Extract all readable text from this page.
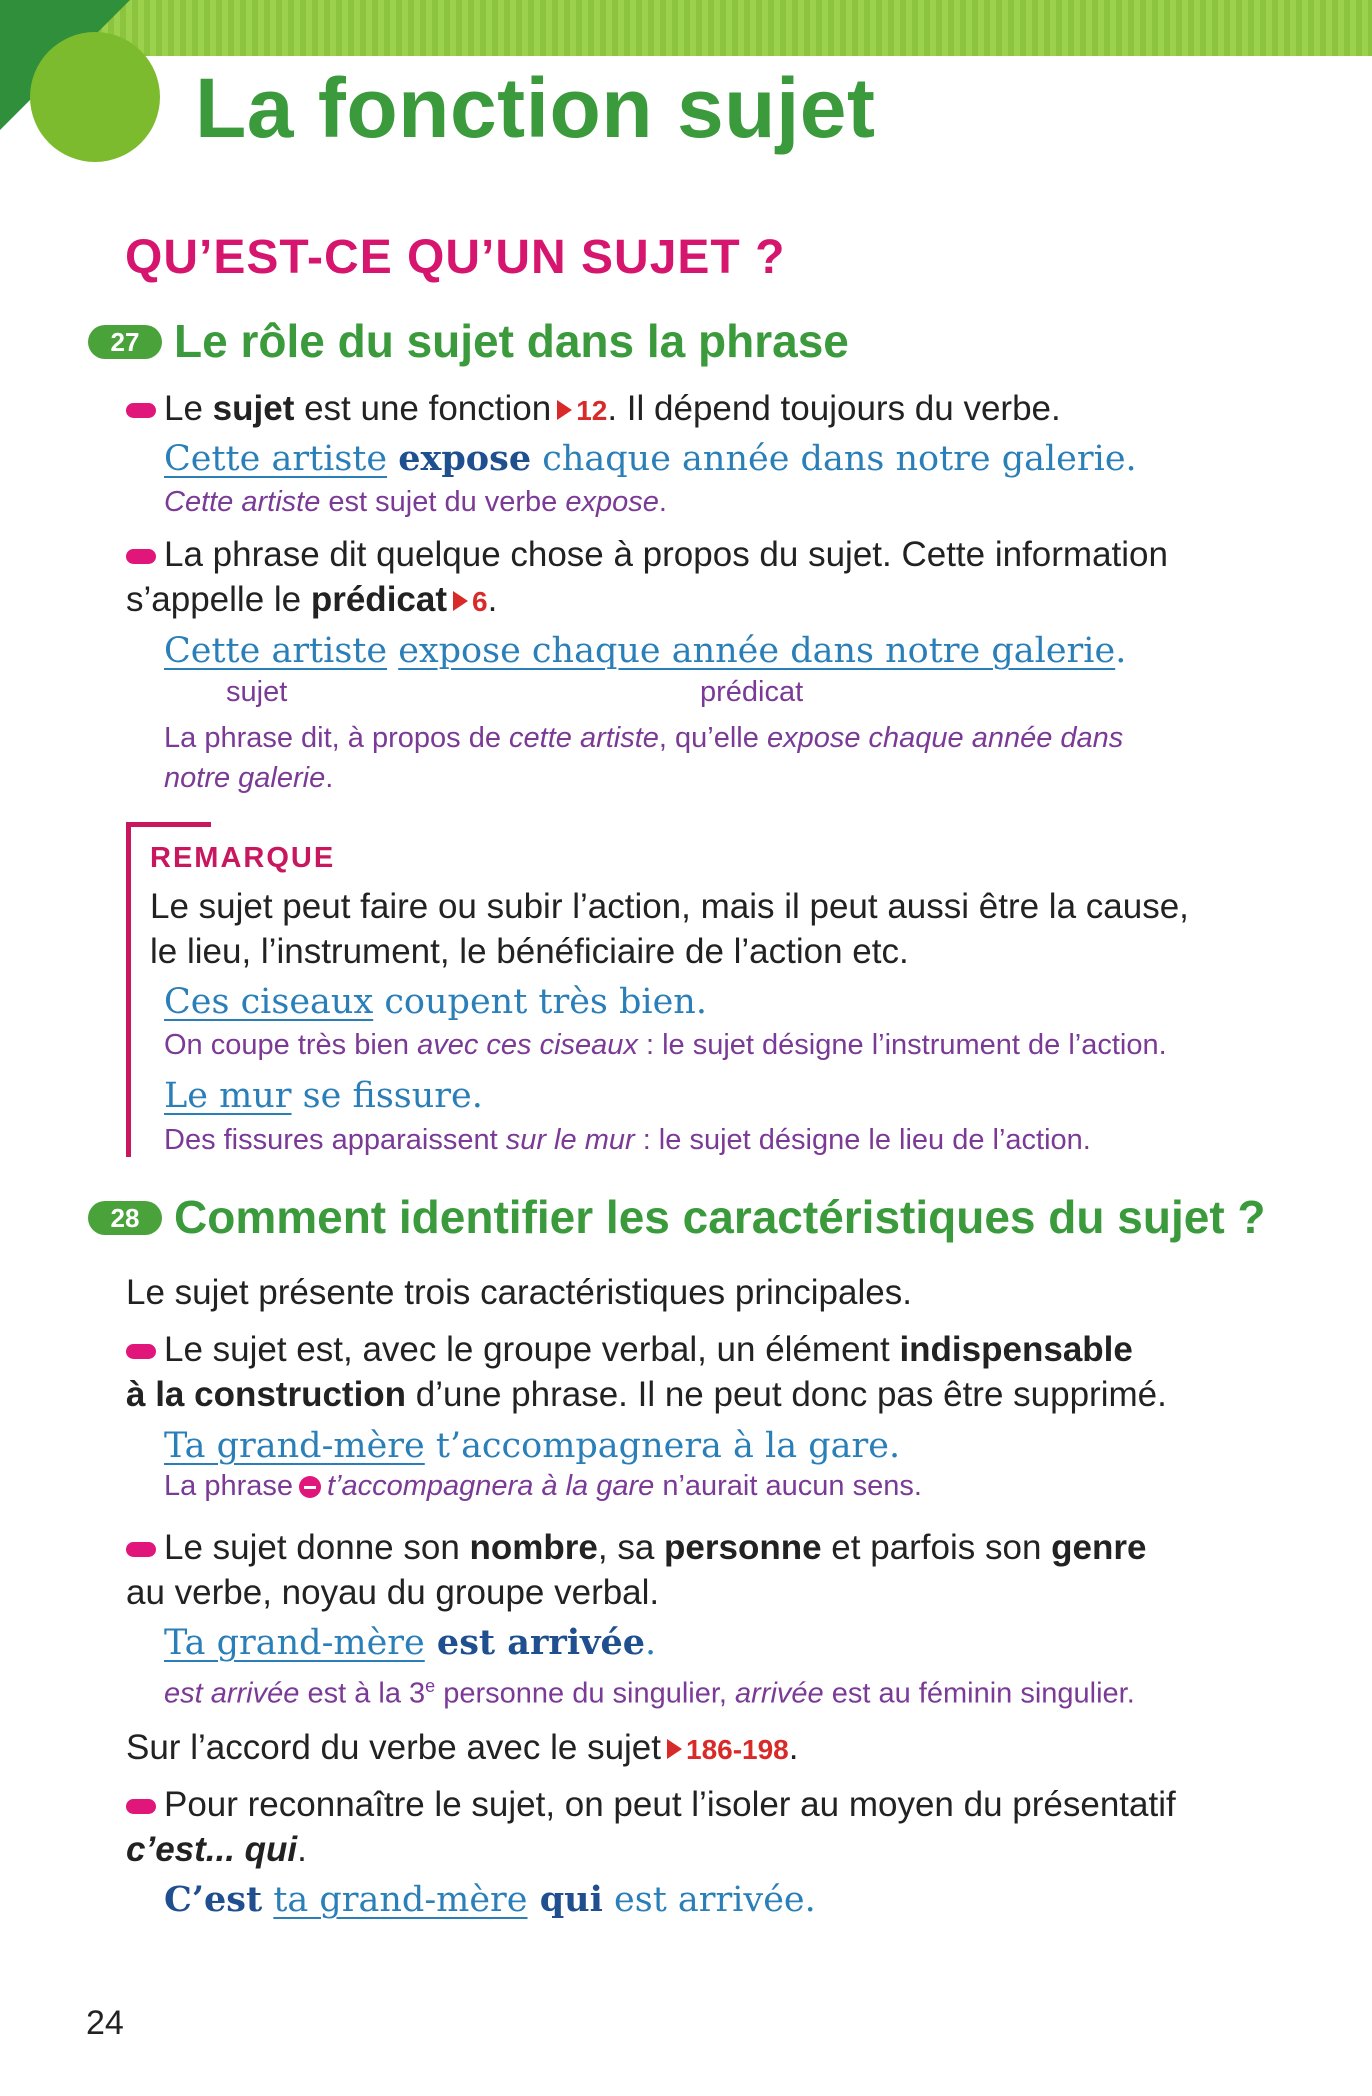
La fonction sujet
QU’EST-CE QU’UN SUJET ?
27 Le rôle du sujet dans la phrase
Le sujet est une fonction 12. Il dépend toujours du verbe.
Cette artiste expose chaque année dans notre galerie.
Cette artiste est sujet du verbe expose.
La phrase dit quelque chose à propos du sujet. Cette information
s’appelle le prédicat 6.
Cette artiste expose chaque année dans notre galerie.
sujet	prédicat
La phrase dit, à propos de cette artiste, qu’elle expose chaque année dans
notre galerie.
REMARQUE
Le sujet peut faire ou subir l’action, mais il peut aussi être la cause,
le lieu, l’instrument, le bénéficiaire de l’action etc.
Ces ciseaux coupent très bien.
On coupe très bien avec ces ciseaux : le sujet désigne l’instrument de l’action.
Le mur se fissure.
Des fissures apparaissent sur le mur : le sujet désigne le lieu de l’action.
28 Comment identifier les caractéristiques du sujet ?
Le sujet présente trois caractéristiques principales.
Le sujet est, avec le groupe verbal, un élément indispensable
à la construction d’une phrase. Il ne peut donc pas être supprimé.
Ta grand-mère t’accompagnera à la gare.
La phrase t’accompagnera à la gare n’aurait aucun sens.
Le sujet donne son nombre, sa personne et parfois son genre
au verbe, noyau du groupe verbal.
Ta grand-mère est arrivée.
est arrivée est à la 3e personne du singulier, arrivée est au féminin singulier.
Sur l’accord du verbe avec le sujet 186-198.
Pour reconnaître le sujet, on peut l’isoler au moyen du présentatif
c’est... qui.
C’est ta grand-mère qui est arrivée.
24
